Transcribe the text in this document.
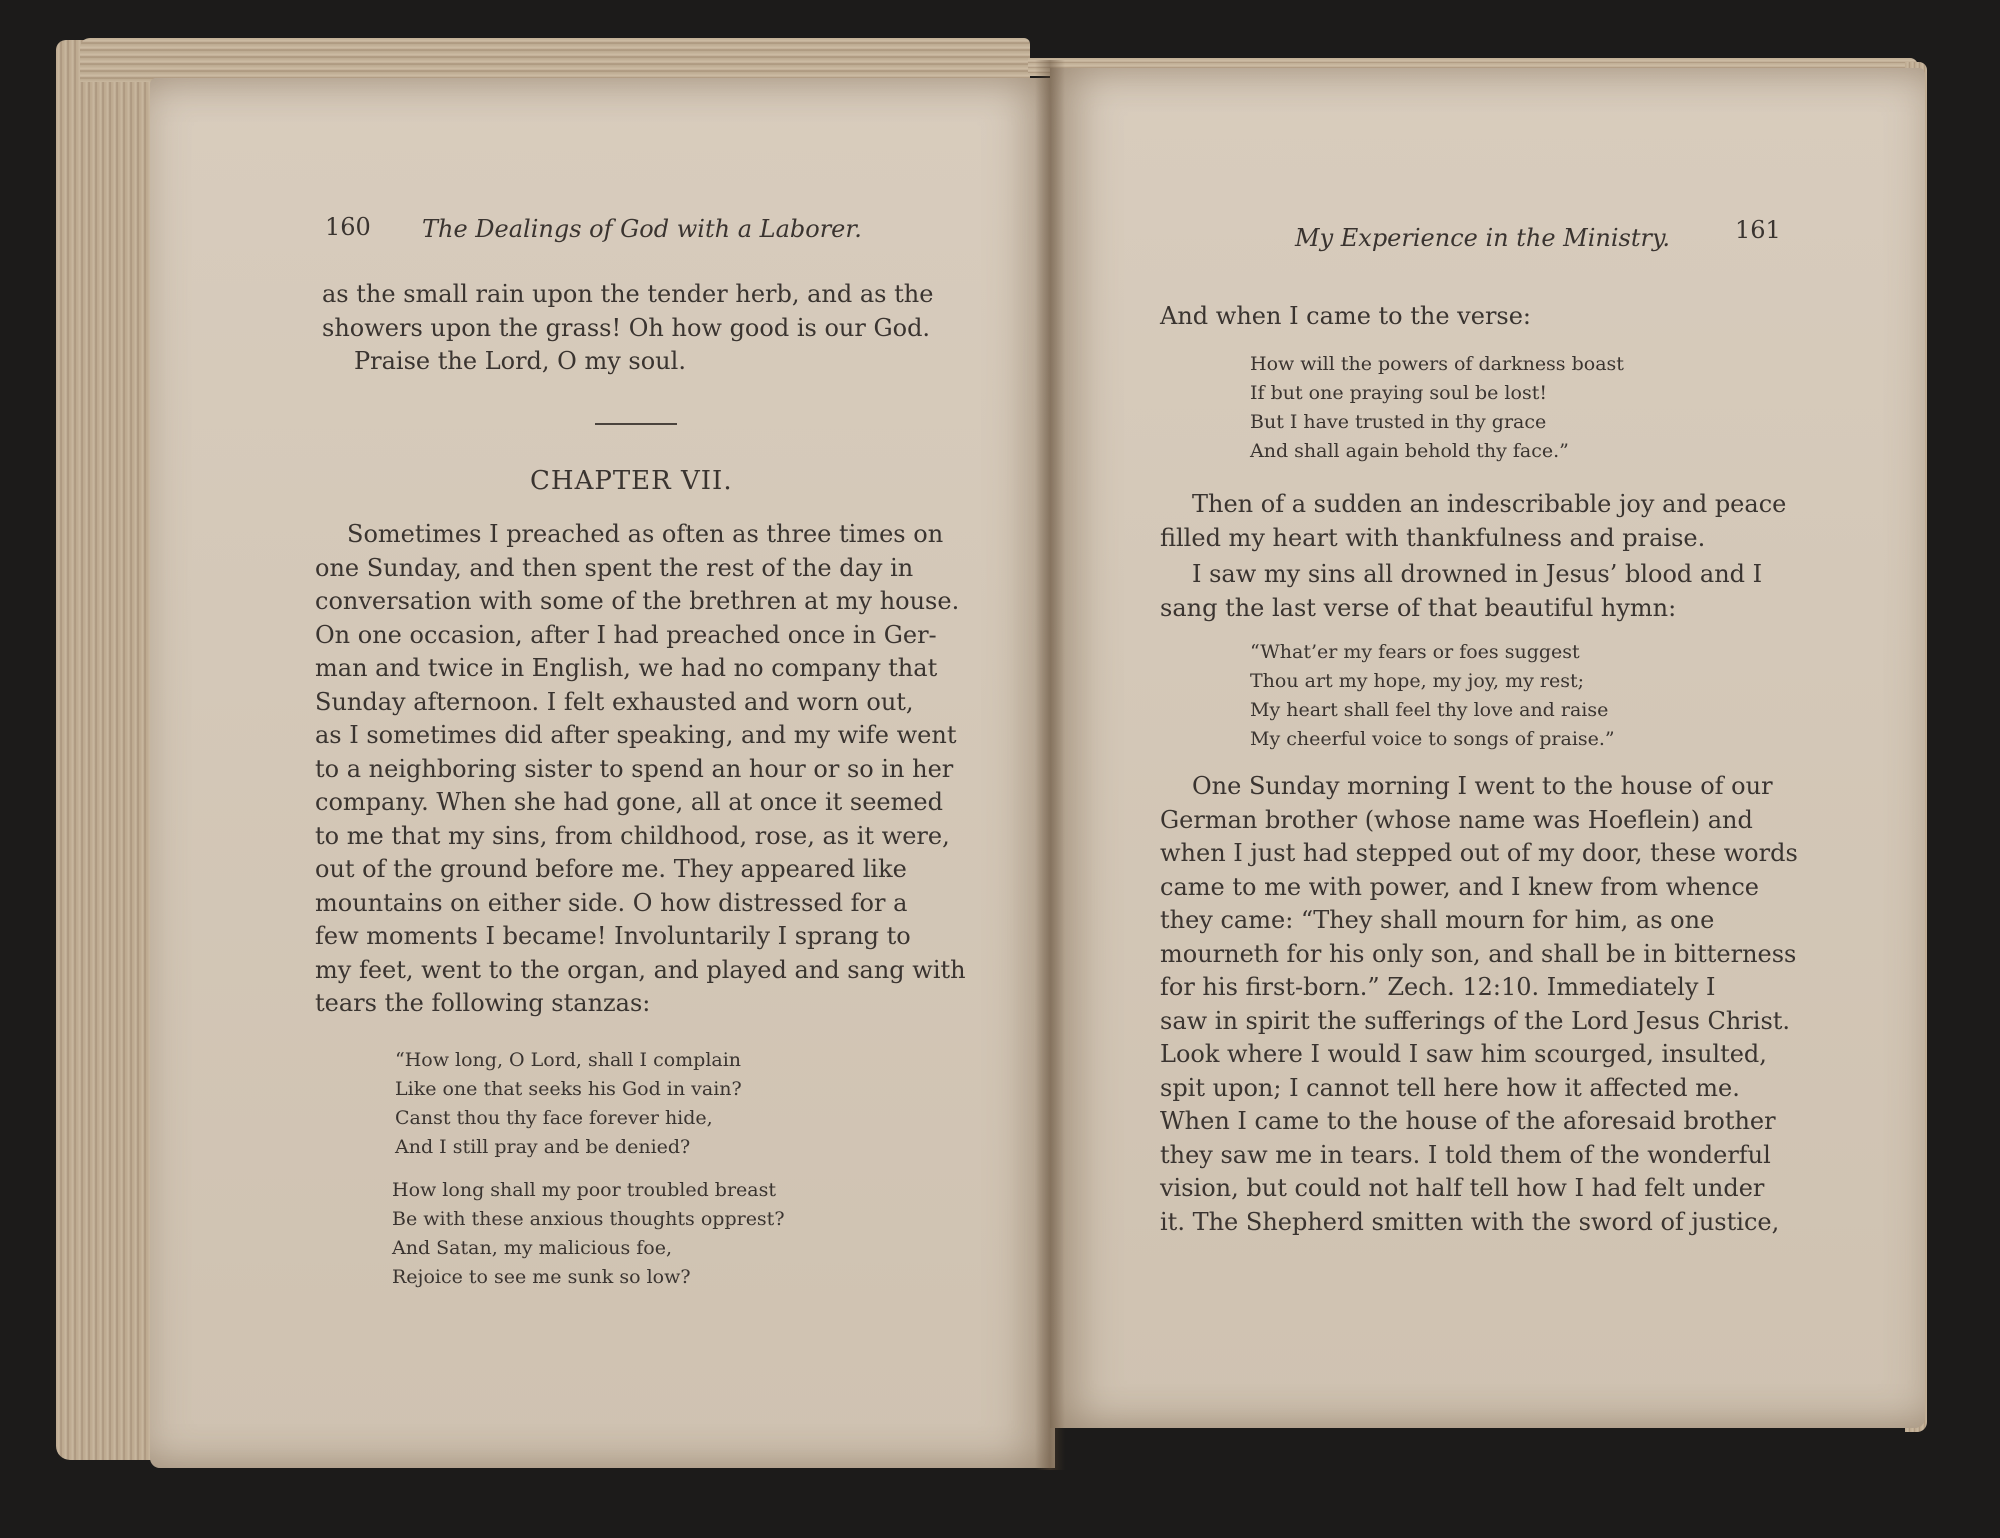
160 The Dealings of God with a Laborer.
as the small rain upon the tender herb, and as the
showers upon the grass! Oh how good is our God.
Praise the Lord, O my soul.
CHAPTER VII.
Sometimes I preached as often as three times on
one Sunday, and then spent the rest of the day in
conversation with some of the brethren at my house.
On one occasion, after I had preached once in Ger-
man and twice in English, we had no company that
Sunday afternoon. I felt exhausted and worn out,
as I sometimes did after speaking, and my wife went
to a neighboring sister to spend an hour or so in her
company. When she had gone, all at once it seemed
to me that my sins, from childhood, rose, as it were,
out of the ground before me. They appeared like
mountains on either side. O how distressed for a
few moments I became! Involuntarily I sprang to
my feet, went to the organ, and played and sang with
tears the following stanzas:
“How long, O Lord, shall I complain
Like one that seeks his God in vain?
Canst thou thy face forever hide,
And I still pray and be denied?
How long shall my poor troubled breast
Be with these anxious thoughts opprest?
And Satan, my malicious foe,
Rejoice to see me sunk so low?
My Experience in the Ministry.	161
And when I came to the verse:
How will the powers of darkness boast
If but one praying soul be lost!
But I have trusted in thy grace
And shall again behold thy face.”
Then of a sudden an indescribable joy and peace
filled my heart with thankfulness and praise.
I saw my sins all drowned in Jesus’ blood and I
sang the last verse of that beautiful hymn:
“What’er my fears or foes suggest
Thou art my hope, my joy, my rest;
My heart shall feel thy love and raise
My cheerful voice to songs of praise.”
One Sunday morning I went to the house of our
German brother (whose name was Hoeflein) and
when I just had stepped out of my door, these words
came to me with power, and I knew from whence
they came: “They shall mourn for him, as one
mourneth for his only son, and shall be in bitterness
for his first-born.” Zech. 12:10. Immediately I
saw in spirit the sufferings of the Lord Jesus Christ.
Look where I would I saw him scourged, insulted,
spit upon; I cannot tell here how it affected me.
When I came to the house of the aforesaid brother
they saw me in tears. I told them of the wonderful
vision, but could not half tell how I had felt under
it. The Shepherd smitten with the sword of justice,
